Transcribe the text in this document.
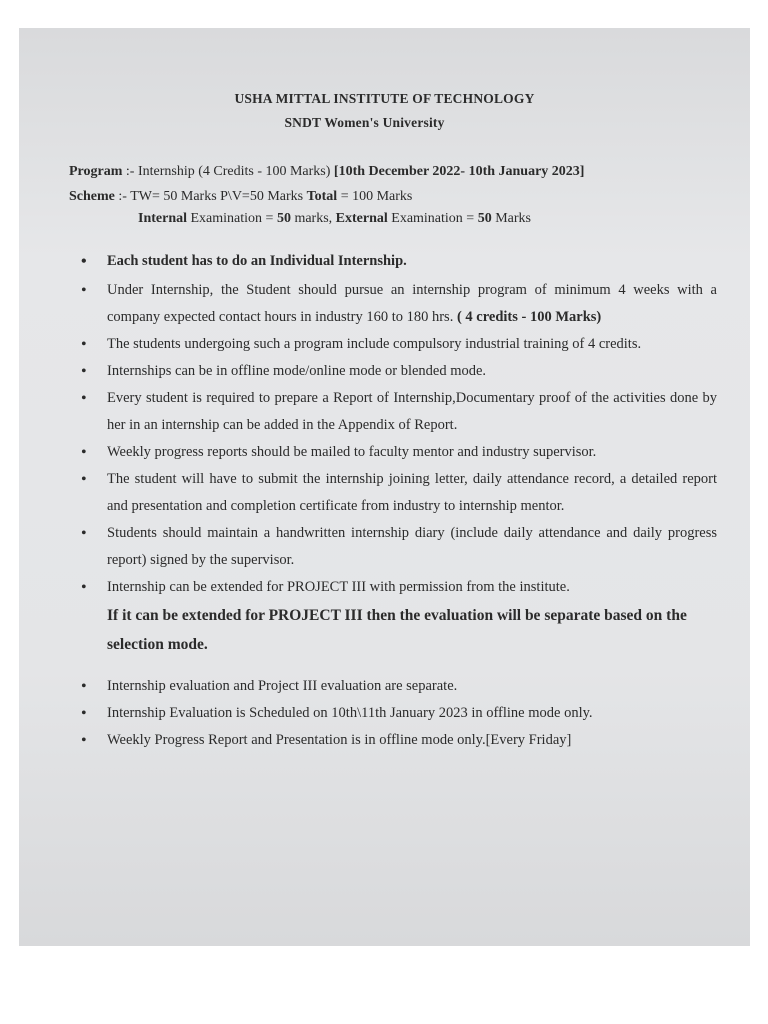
USHA MITTAL INSTITUTE OF TECHNOLOGY
SNDT Women's University
Program :- Internship (4 Credits - 100 Marks) [10th December 2022- 10th January 2023]
Scheme :- TW= 50 Marks P\V=50 Marks Total = 100 Marks
Internal Examination = 50 marks, External Examination = 50 Marks
• Each student has to do an Individual Internship.
• Under Internship, the Student should pursue an internship program of minimum 4 weeks with a company expected contact hours in industry 160 to 180 hrs. ( 4 credits - 100 Marks)
• The students undergoing such a program include compulsory industrial training of 4 credits.
• Internships can be in offline mode/online mode or blended mode.
• Every student is required to prepare a Report of Internship,Documentary proof of the activities done by her in an internship can be added in the Appendix of Report.
• Weekly progress reports should be mailed to faculty mentor and industry supervisor.
• The student will have to submit the internship joining letter, daily attendance record, a detailed report and presentation and completion certificate from industry to internship mentor.
• Students should maintain a handwritten internship diary (include daily attendance and daily progress report) signed by the supervisor.
• Internship can be extended for PROJECT III with permission from the institute.
If it can be extended for PROJECT III then the evaluation will be separate based on the selection mode.
• Internship evaluation and Project III evaluation are separate.
• Internship Evaluation is Scheduled on 10th\11th January 2023 in offline mode only.
• Weekly Progress Report and Presentation is in offline mode only.[Every Friday]
